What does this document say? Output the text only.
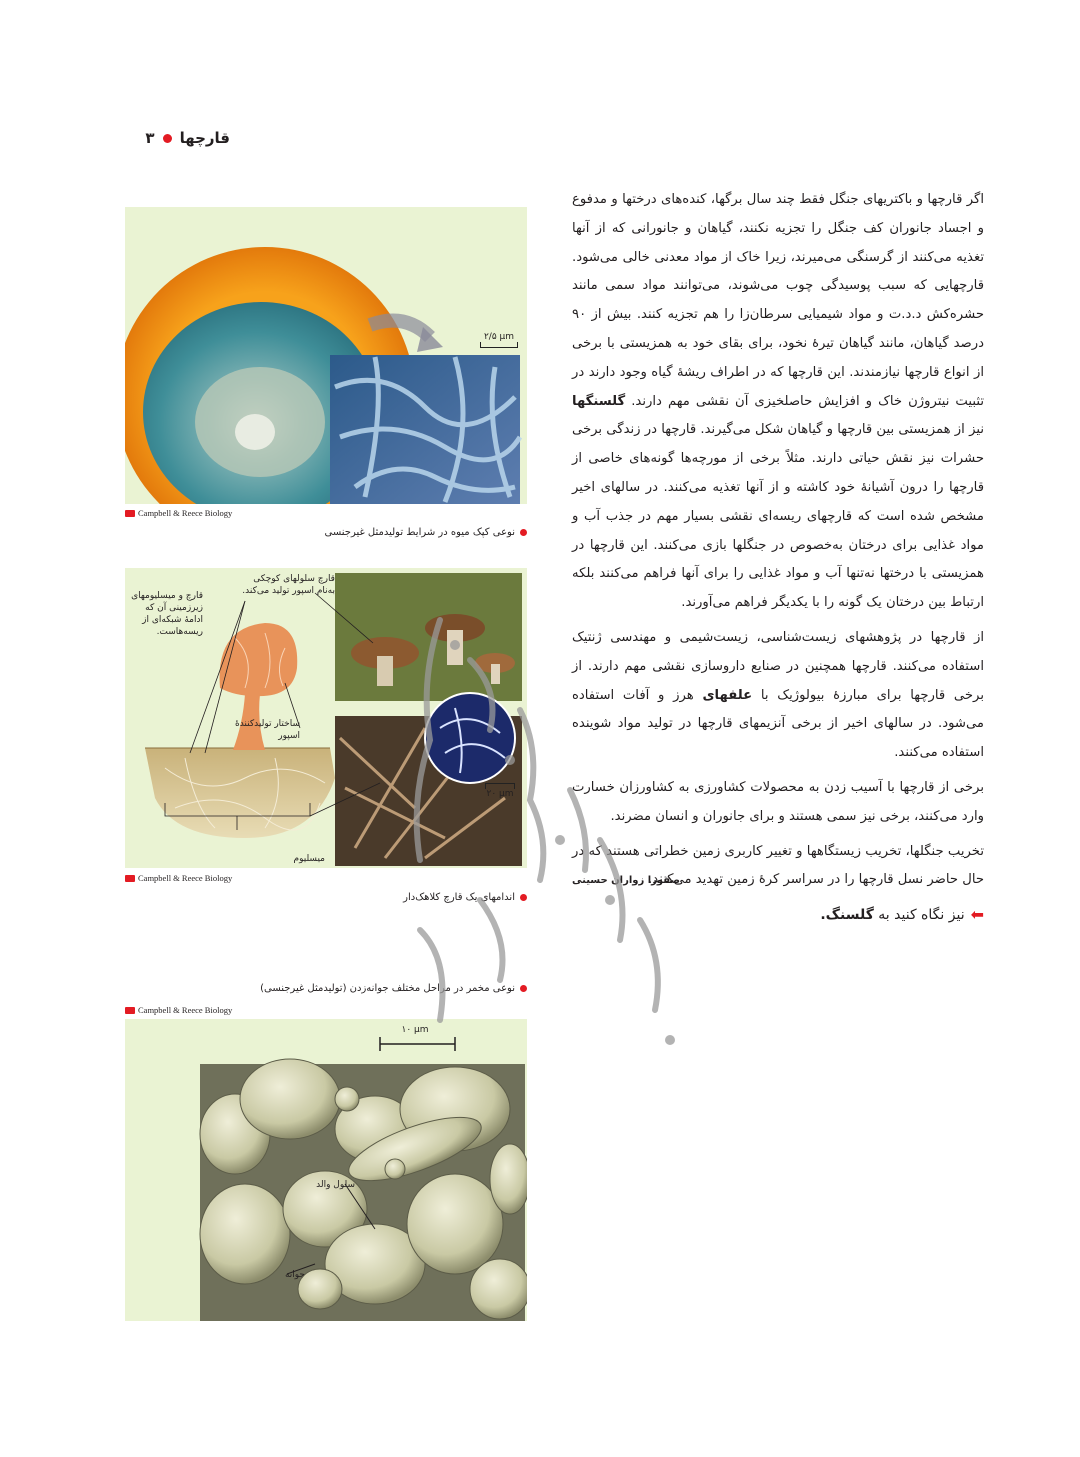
قارچها
۳

اگر قارچها و باکتریهای جنگل فقط چند سال برگها، کنده‌های درختها و مدفوع و اجساد جانوران کف جنگل را تجزیه نکنند، گیاهان و جانورانی که از آنها تغذیه می‌کنند از گرسنگی می‌میرند، زیرا خاک از مواد معدنی خالی می‌شود. قارچهایی که سبب پوسیدگی چوب می‌شوند، می‌توانند مواد سمی مانند حشره‌کش د.د.ت و مواد شیمیایی سرطان‌زا را هم تجزیه کنند. بیش از ۹۰ درصد گیاهان، مانند گیاهان تیرهٔ نخود، برای بقای خود به همزیستی با برخی از انواع قارچها نیازمندند. این قارچها که در اطراف ریشهٔ گیاه وجود دارند در تثبیت نیتروژن خاک و افزایش حاصلخیزی آن نقشی مهم دارند. گلسنگها نیز از همزیستی بین قارچها و گیاهان شکل می‌گیرند. قارچها در زندگی برخی حشرات نیز نقش حیاتی دارند. مثلاً برخی از مورچه‌ها گونه‌های خاصی از قارچها را درون آشیانهٔ خود کاشته و از آنها تغذیه می‌کنند. در سالهای اخیر مشخص شده است که قارچهای ریسه‌ای نقشی بسیار مهم در جذب آب و مواد غذایی برای درختان به‌خصوص در جنگلها بازی می‌کنند. این قارچها در همزیستی با درختها نه‌تنها آب و مواد غذایی را برای آنها فراهم می‌کنند بلکه ارتباط بین درختان یک گونه را با یکدیگر فراهم می‌آورند.

از قارچها در پژوهشهای زیست‌شناسی، زیست‌شیمی و مهندسی ژنتیک استفاده می‌کنند. قارچها همچنین در صنایع داروسازی نقشی مهم دارند. از برخی قارچها برای مبارزهٔ بیولوژیک با علفهای هرز و آفات استفاده می‌شود. در سالهای اخیر از برخی آنزیمهای قارچها در تولید مواد شوینده استفاده می‌کنند.

برخی از قارچها با آسیب زدن به محصولات کشاورزی به کشاورزان خسارت وارد می‌کنند، برخی نیز سمی هستند و برای جانوران و انسان مضرند.

تخریب جنگلها، تخریب زیستگاهها و تغییر کاربری زمین خطراتی هستند که در حال حاضر نسل قارچها را در سراسر کرهٔ زمین تهدید می‌کنند.

صفورا زواران حسینی
⬅
نیز نگاه کنید به گلسنگ.
۲/۵ µm
Campbell & Reece Biology
نوعی کپک میوه در شرایط تولیدمثل غیرجنسی
قارچ سلولهای کوچکی به‌نام اسپور تولید می‌کند.
قارچ و میسلیومهای زیرزمینی آن که ادامهٔ شبکه‌ای از ریسه‌هاست.
ساختار تولیدکنندهٔ اسپور
میسلیوم
۲۰ µm
Campbell & Reece Biology
اندامهای یک قارچ کلاهک‌دار
نوعی مخمر در مراحل مختلف جوانه‌زدن (تولیدمثل غیرجنسی)
Campbell & Reece Biology
سلول والد
جوانه
۱۰ µm
